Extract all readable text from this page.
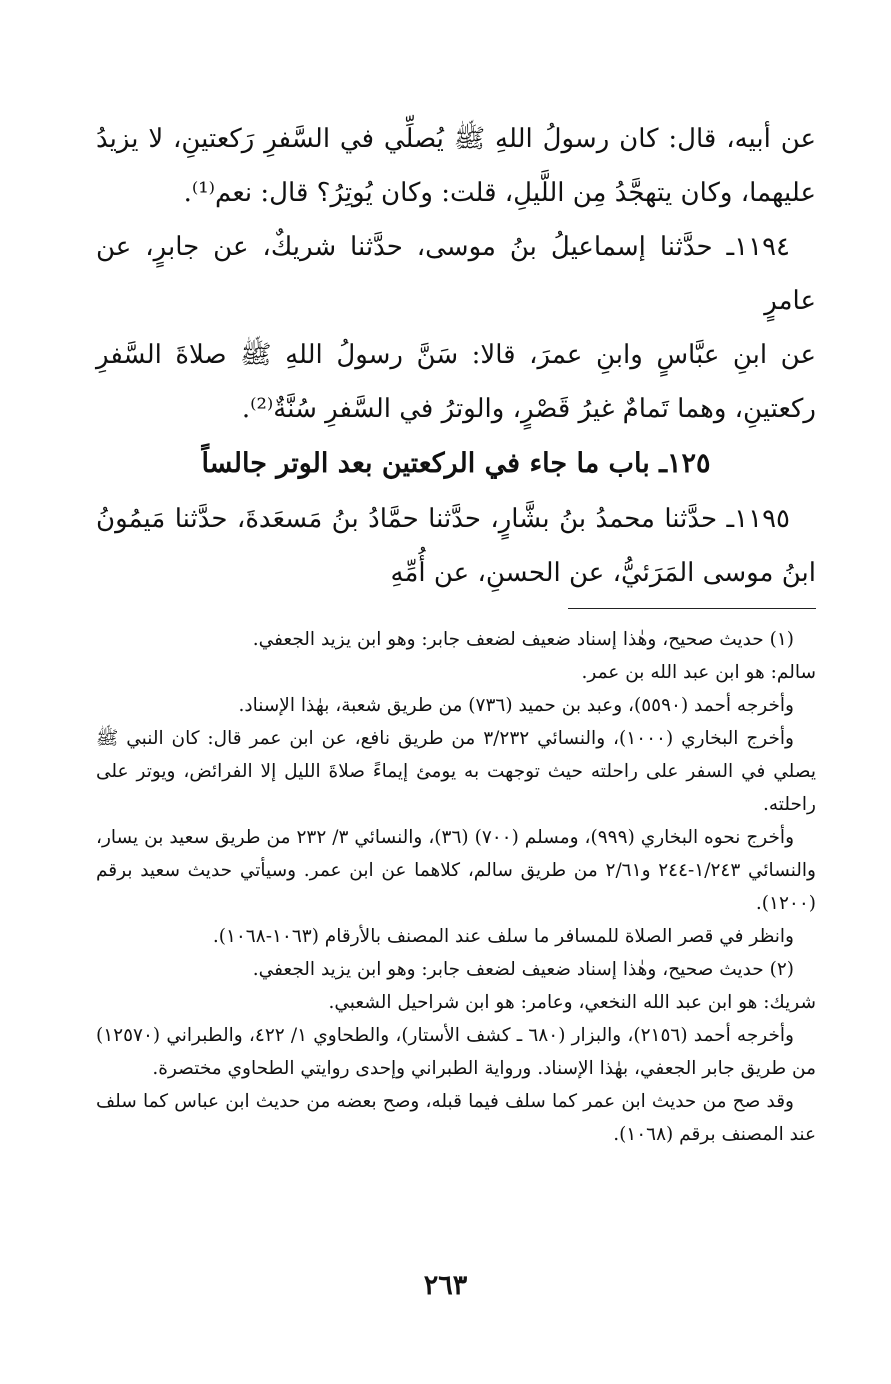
عن أبيه، قال: كان رسولُ اللهِ ﷺ يُصلِّي في السَّفرِ رَكعتينِ، لا يزيدُ عليهما، وكان يتهجَّدُ مِن اللَّيلِ، قلت: وكان يُوتِرُ؟ قال: نعم⁽¹⁾.

١١٩٤ـ حدَّثنا إسماعيلُ بنُ موسى، حدَّثنا شريكٌ، عن جابرٍ، عن عامرٍ

عن ابنِ عبَّاسٍ وابنِ عمرَ، قالا: سَنَّ رسولُ اللهِ ﷺ صلاةَ السَّفرِ ركعتينِ، وهما تَمامٌ غيرُ قَصْرٍ، والوترُ في السَّفرِ سُنَّةٌ⁽²⁾.

١٢٥ـ باب ما جاء في الركعتين بعد الوتر جالساً

١١٩٥ـ حدَّثنا محمدُ بنُ بشَّارٍ، حدَّثنا حمَّادُ بنُ مَسعَدةَ، حدَّثنا مَيمُونُ ابنُ موسى المَرَئيُّ، عن الحسنِ، عن أُمِّهِ

(١) حديث صحيح، وهٰذا إسناد ضعيف لضعف جابر: وهو ابن يزيد الجعفي.

سالم: هو ابن عبد الله بن عمر.

وأخرجه أحمد (٥٥٩٠)، وعبد بن حميد (٧٣٦) من طريق شعبة، بهٰذا الإسناد.

وأخرج البخاري (١٠٠٠)، والنسائي ٣/٢٣٢ من طريق نافع، عن ابن عمر قال: كان النبي ﷺ يصلي في السفر على راحلته حيث توجهت به يومئ إيماءً صلاةَ الليل إلا الفرائض، ويوتر على راحلته.

وأخرج نحوه البخاري (٩٩٩)، ومسلم (٧٠٠) (٣٦)، والنسائي ٣/ ٢٣٢ من طريق سعيد بن يسار، والنسائي ١/٢٤٣-٢٤٤ و٢/٦١ من طريق سالم، كلاهما عن ابن عمر. وسيأتي حديث سعيد برقم (١٢٠٠).

وانظر في قصر الصلاة للمسافر ما سلف عند المصنف بالأرقام (١٠٦٣-١٠٦٨).

(٢) حديث صحيح، وهٰذا إسناد ضعيف لضعف جابر: وهو ابن يزيد الجعفي.

شريك: هو ابن عبد الله النخعي، وعامر: هو ابن شراحيل الشعبي.

وأخرجه أحمد (٢١٥٦)، والبزار (٦٨٠ ـ كشف الأستار)، والطحاوي ١/ ٤٢٢، والطبراني (١٢٥٧٠) من طريق جابر الجعفي، بهٰذا الإسناد. ورواية الطبراني وإحدى روايتي الطحاوي مختصرة.

وقد صح من حديث ابن عمر كما سلف فيما قبله، وصح بعضه من حديث ابن عباس كما سلف عند المصنف برقم (١٠٦٨).

٢٦٣
